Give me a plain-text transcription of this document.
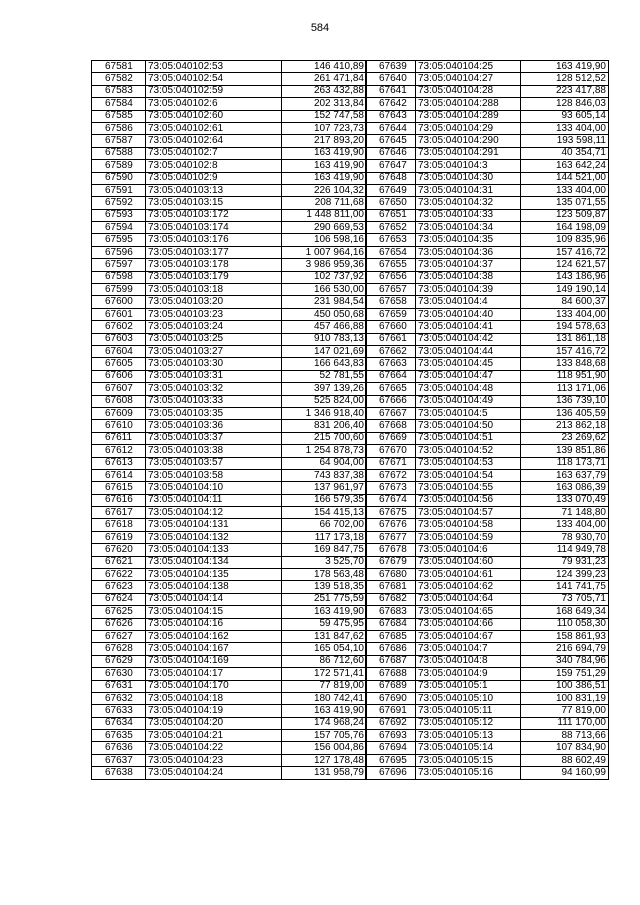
584
67581	73:05:040102:53	146 410,89
67582	73:05:040102:54	261 471,84
67583	73:05:040102:59	263 432,88
67584	73:05:040102:6	202 313,84
67585	73:05:040102:60	152 747,58
67586	73:05:040102:61	107 723,73
67587	73:05:040102:64	217 893,20
67588	73:05:040102:7	163 419,90
67589	73:05:040102:8	163 419,90
67590	73:05:040102:9	163 419,90
67591	73:05:040103:13	226 104,32
67592	73:05:040103:15	208 711,68
67593	73:05:040103:172	1 448 811,00
67594	73:05:040103:174	290 669,53
67595	73:05:040103:176	106 598,16
67596	73:05:040103:177	1 007 964,16
67597	73:05:040103:178	3 986 959,36
67598	73:05:040103:179	102 737,92
67599	73:05:040103:18	166 530,00
67600	73:05:040103:20	231 984,54
67601	73:05:040103:23	450 050,68
67602	73:05:040103:24	457 466,88
67603	73:05:040103:25	910 783,13
67604	73:05:040103:27	147 021,69
67605	73:05:040103:30	166 643,83
67606	73:05:040103:31	52 781,55
67607	73:05:040103:32	397 139,26
67608	73:05:040103:33	525 824,00
67609	73:05:040103:35	1 346 918,40
67610	73:05:040103:36	831 206,40
67611	73:05:040103:37	215 700,60
67612	73:05:040103:38	1 254 878,73
67613	73:05:040103:57	64 904,00
67614	73:05:040103:58	743 837,38
67615	73:05:040104:10	137 961,97
67616	73:05:040104:11	166 579,35
67617	73:05:040104:12	154 415,13
67618	73:05:040104:131	66 702,00
67619	73:05:040104:132	117 173,18
67620	73:05:040104:133	169 847,75
67621	73:05:040104:134	3 525,70
67622	73:05:040104:135	178 563,48
67623	73:05:040104:138	139 518,35
67624	73:05:040104:14	251 775,59
67625	73:05:040104:15	163 419,90
67626	73:05:040104:16	59 475,95
67627	73:05:040104:162	131 847,62
67628	73:05:040104:167	165 054,10
67629	73:05:040104:169	86 712,60
67630	73:05:040104:17	172 571,41
67631	73:05:040104:170	77 819,00
67632	73:05:040104:18	180 742,41
67633	73:05:040104:19	163 419,90
67634	73:05:040104:20	174 968,24
67635	73:05:040104:21	157 705,76
67636	73:05:040104:22	156 004,86
67637	73:05:040104:23	127 178,48
67638	73:05:040104:24	131 958,79
67639	73:05:040104:25	163 419,90
67640	73:05:040104:27	128 512,52
67641	73:05:040104:28	223 417,88
67642	73:05:040104:288	128 846,03
67643	73:05:040104:289	93 605,14
67644	73:05:040104:29	133 404,00
67645	73:05:040104:290	193 598,11
67646	73:05:040104:291	40 354,71
67647	73:05:040104:3	163 642,24
67648	73:05:040104:30	144 521,00
67649	73:05:040104:31	133 404,00
67650	73:05:040104:32	135 071,55
67651	73:05:040104:33	123 509,87
67652	73:05:040104:34	164 198,09
67653	73:05:040104:35	109 835,96
67654	73:05:040104:36	157 416,72
67655	73:05:040104:37	124 621,57
67656	73:05:040104:38	143 186,96
67657	73:05:040104:39	149 190,14
67658	73:05:040104:4	84 600,37
67659	73:05:040104:40	133 404,00
67660	73:05:040104:41	194 578,63
67661	73:05:040104:42	131 861,18
67662	73:05:040104:44	157 416,72
67663	73:05:040104:45	133 848,68
67664	73:05:040104:47	118 951,90
67665	73:05:040104:48	113 171,06
67666	73:05:040104:49	136 739,10
67667	73:05:040104:5	136 405,59
67668	73:05:040104:50	213 862,18
67669	73:05:040104:51	23 269,62
67670	73:05:040104:52	139 851,86
67671	73:05:040104:53	118 173,71
67672	73:05:040104:54	163 637,79
67673	73:05:040104:55	163 086,39
67674	73:05:040104:56	133 070,49
67675	73:05:040104:57	71 148,80
67676	73:05:040104:58	133 404,00
67677	73:05:040104:59	78 930,70
67678	73:05:040104:6	114 949,78
67679	73:05:040104:60	79 931,23
67680	73:05:040104:61	124 399,23
67681	73:05:040104:62	141 741,75
67682	73:05:040104:64	73 705,71
67683	73:05:040104:65	168 649,34
67684	73:05:040104:66	110 058,30
67685	73:05:040104:67	158 861,93
67686	73:05:040104:7	216 694,79
67687	73:05:040104:8	340 784,96
67688	73:05:040104:9	159 751,29
67689	73:05:040105:1	100 386,51
67690	73:05:040105:10	100 831,19
67691	73:05:040105:11	77 819,00
67692	73:05:040105:12	111 170,00
67693	73:05:040105:13	88 713,66
67694	73:05:040105:14	107 834,90
67695	73:05:040105:15	88 602,49
67696	73:05:040105:16	94 160,99
